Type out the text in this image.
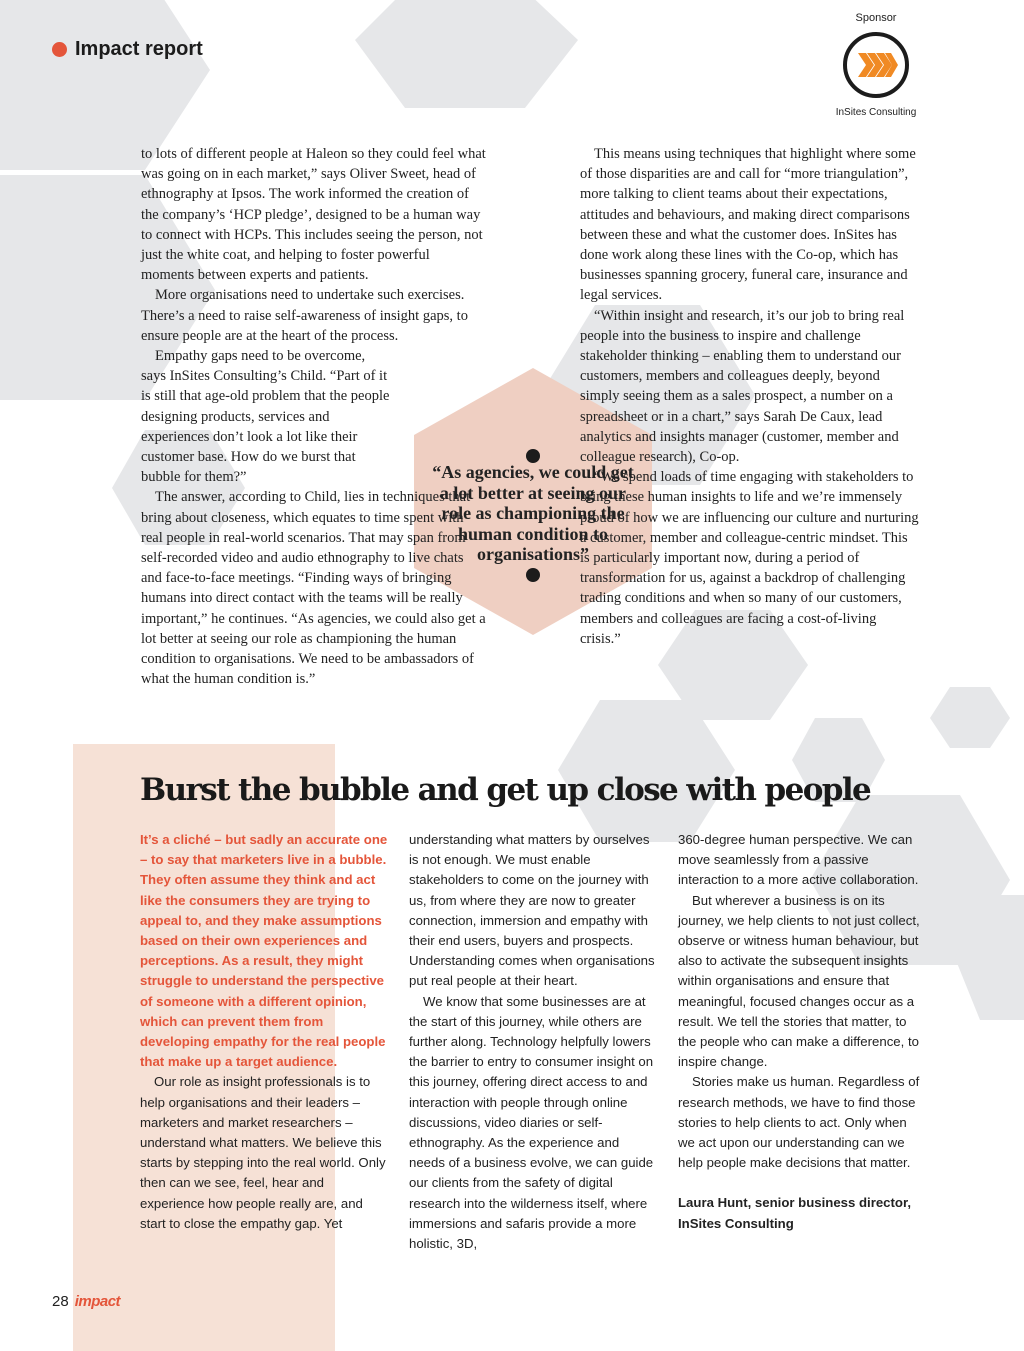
Impact report
Sponsor
InSites Consulting
“As agencies, we could get a lot better at seeing our role as championing the human condition to organisations”

to lots of different people at Haleon so they could feel what was going on in each market,” says Oliver Sweet, head of ethnography at Ipsos. The work informed the creation of the company’s ‘HCP pledge’, designed to be a human way to connect with HCPs. This includes seeing the person, not just the white coat, and helping to foster powerful moments between experts and patients.

More organisations need to undertake such exercises. There’s a need to raise self-awareness of insight gaps, to ensure people are at the heart of the process.

Empathy gaps need to be overcome, says InSites Consulting’s Child. “Part of it is still that age-old problem that the people designing products, services and experiences don’t look a lot like their customer base. How do we burst that bubble for them?”

The answer, according to Child, lies in techniques that bring about closeness, which equates to time spent with real people in real-world scenarios. That may span from self-recorded video and audio ethnography to live chats and face-to-face meetings. “Finding ways of bringing humans into direct contact with the teams will be really important,” he continues. “As agencies, we could also get a lot better at seeing our role as championing the human condition to organisations. We need to be ambassadors of what the human condition is.”

This means using techniques that highlight where some of those disparities are and call for “more triangulation”, more talking to client teams about their expectations, attitudes and behaviours, and making direct comparisons between these and what the customer does. InSites has done work along these lines with the Co-op, which has businesses spanning grocery, funeral care, insurance and legal services.

“Within insight and research, it’s our job to bring real people into the business to inspire and challenge stakeholder thinking – enabling them to understand our customers, members and colleagues deeply, beyond simply seeing them as a sales prospect, a number on a spreadsheet or in a chart,” says Sarah De Caux, lead analytics and insights manager (customer, member and colleague research), Co-op.

“We spend loads of time engaging with stakeholders to bring these human insights to life and we’re immensely proud of how we are influencing our culture and nurturing a customer, member and colleague-centric mindset. This is particularly important now, during a period of transformation for us, against a backdrop of challenging trading conditions and when so many of our customers, members and colleagues are facing a cost-of-living crisis.”

Burst the bubble and get up close with people

It’s a cliché – but sadly an accurate one – to say that marketers live in a bubble. They often assume they think and act like the consumers they are trying to appeal to, and they make assumptions based on their own experiences and perceptions. As a result, they might struggle to understand the perspective of someone with a different opinion, which can prevent them from developing empathy for the real people that make up a target audience.

Our role as insight professionals is to help organisations and their leaders – marketers and market researchers – understand what matters. We believe this starts by stepping into the real world. Only then can we see, feel, hear and experience how people really are, and start to close the empathy gap. Yet

understanding what matters by ourselves is not enough. We must enable stakeholders to come on the journey with us, from where they are now to greater connection, immersion and empathy with their end users, buyers and prospects. Understanding comes when organisations put real people at their heart.

We know that some businesses are at the start of this journey, while others are further along. Technology helpfully lowers the barrier to entry to consumer insight on this journey, offering direct access to and interaction with people through online discussions, video diaries or self-ethnography. As the experience and needs of a business evolve, we can guide our clients from the safety of digital research into the wilderness itself, where immersions and safaris provide a more holistic, 3D,

360-degree human perspective. We can move seamlessly from a passive interaction to a more active collaboration.

But wherever a business is on its journey, we help clients to not just collect, observe or witness human behaviour, but also to activate the subsequent insights within organisations and ensure that meaningful, focused changes occur as a result. We tell the stories that matter, to the people who can make a difference, to inspire change.

Stories make us human. Regardless of research methods, we have to find those stories to help clients to act. Only when we act upon our understanding can we help people make decisions that matter.

Laura Hunt, senior business director, InSites Consulting

28 impact
